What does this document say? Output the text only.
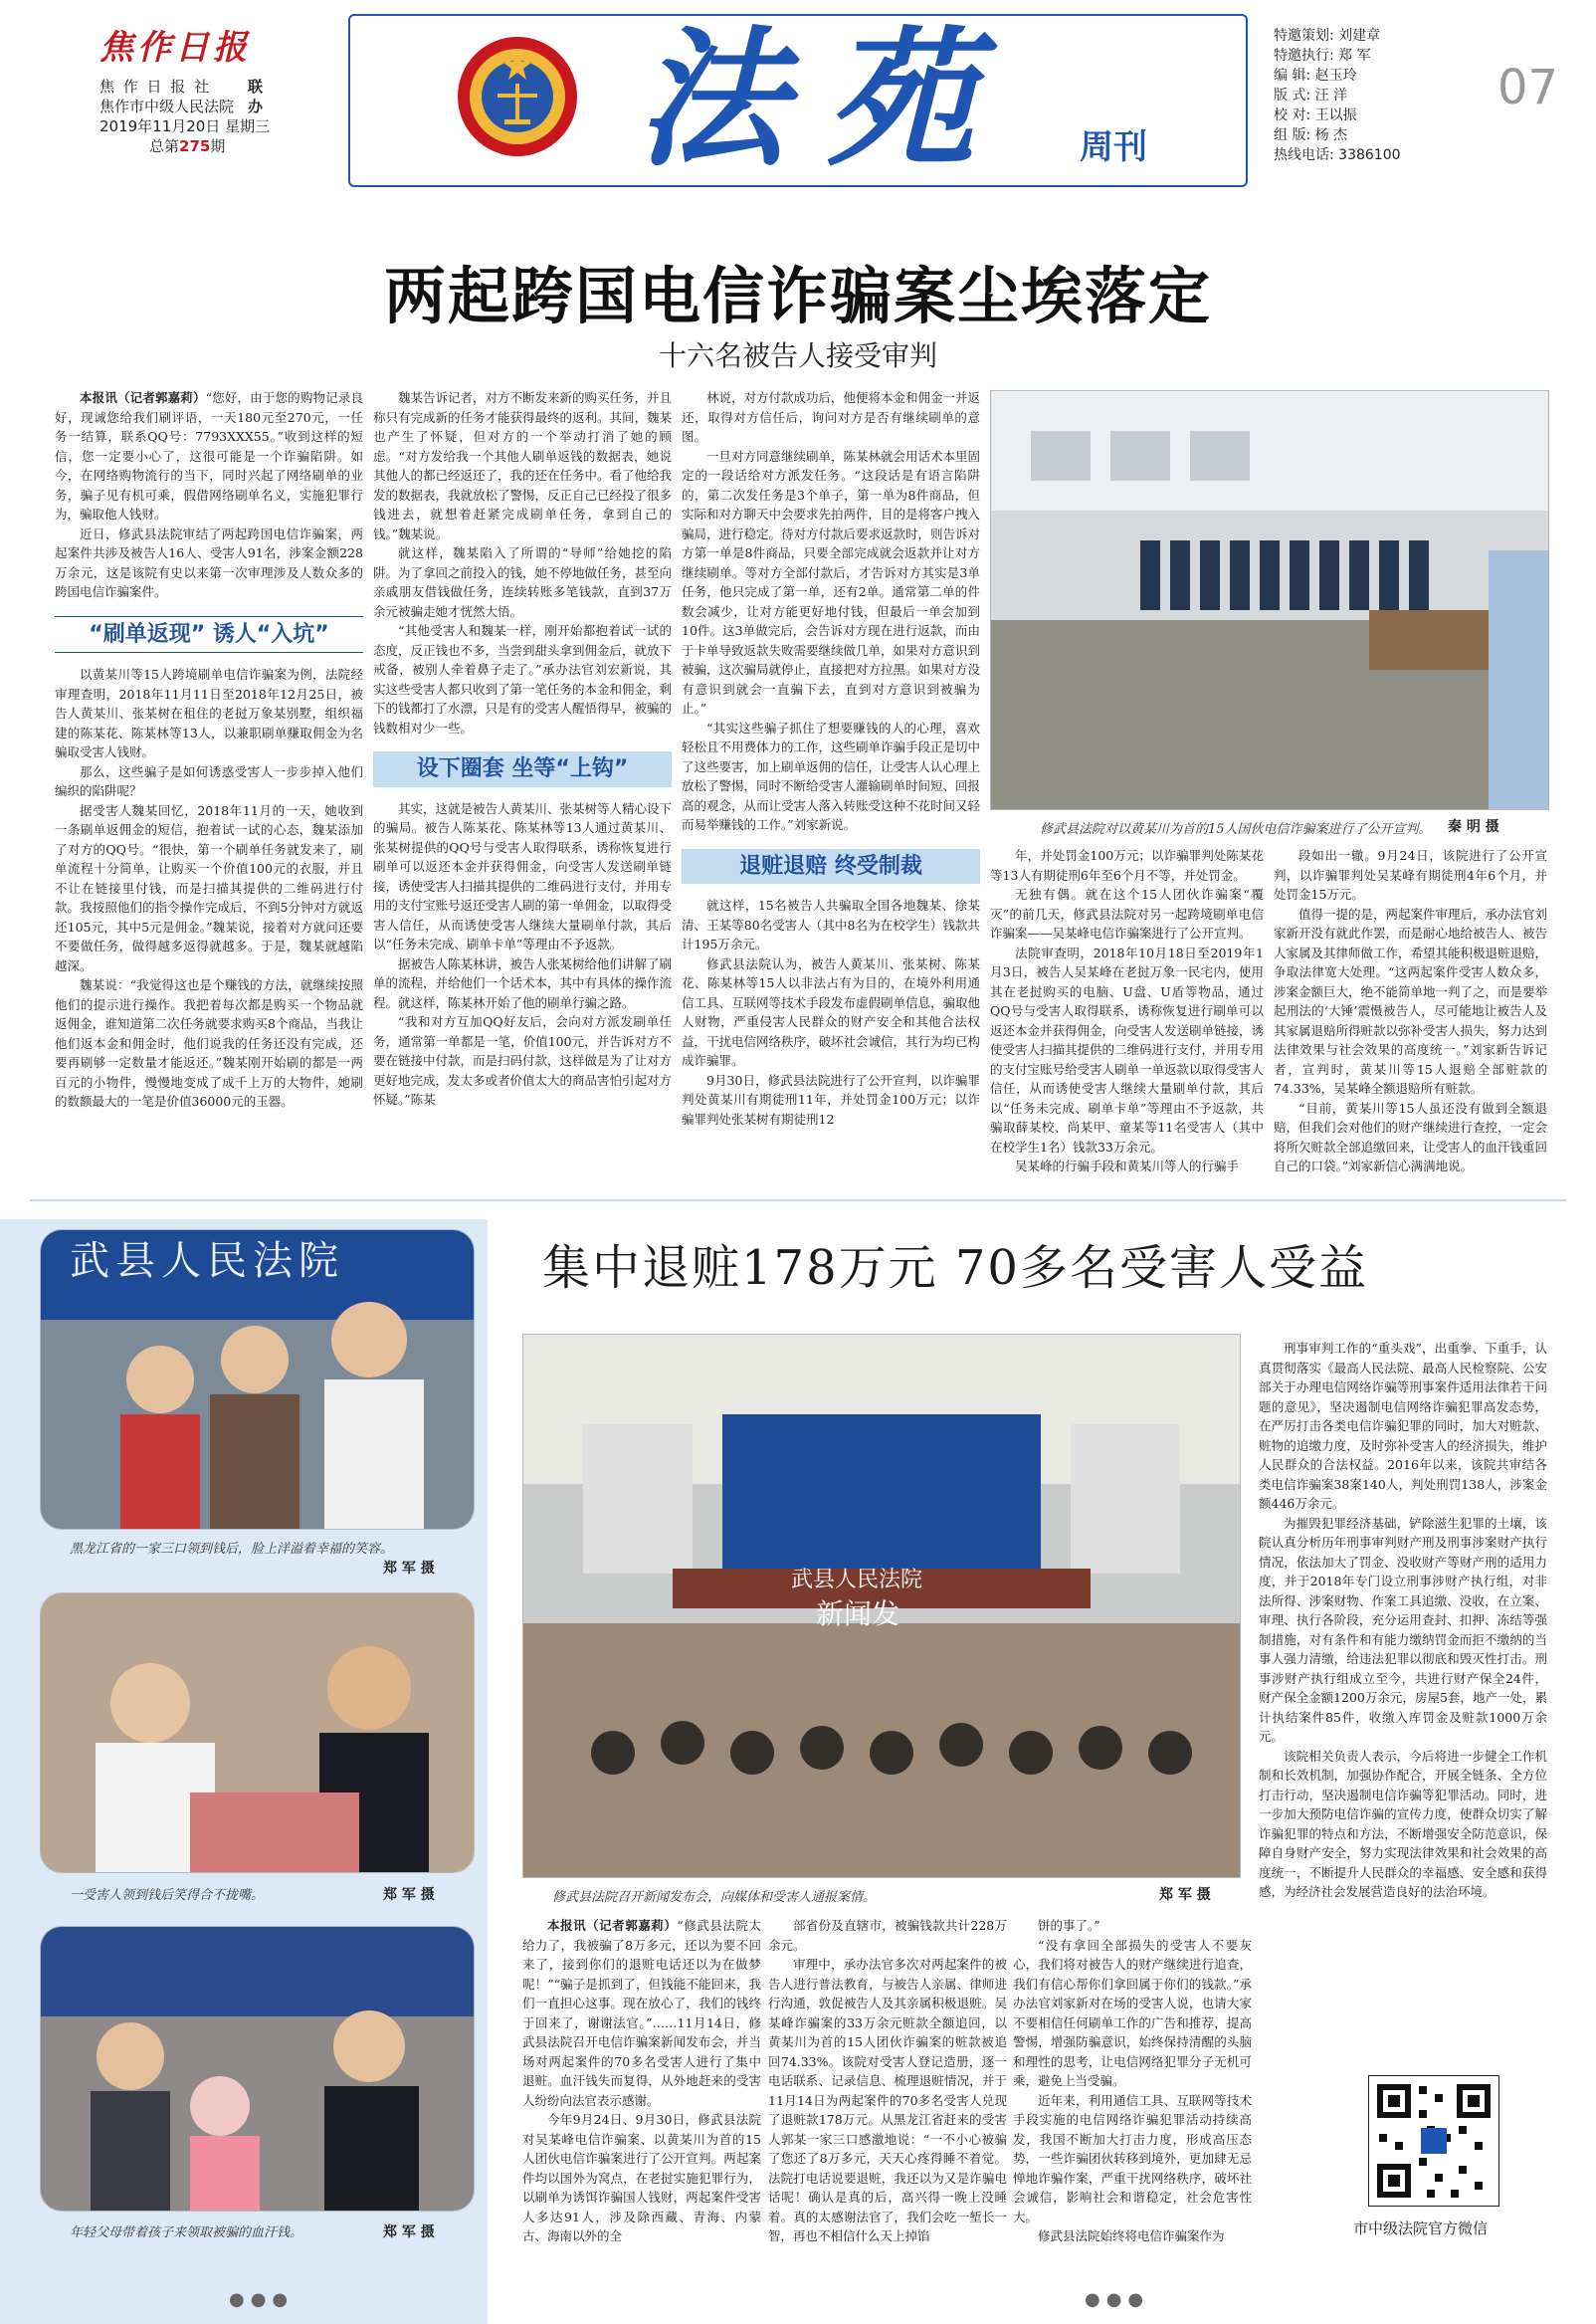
焦作日报
焦 作 日 报 社
焦作市中级人民法院
联
办
2019年11月20日 星期三
总第275期	法苑 周刊
特邀策划: 刘建章
特邀执行: 郑 军
编 辑: 赵玉玲
版 式: 汪 洋
校 对: 王以振
组 版: 杨 杰
热线电话: 3386100
07
两起跨国电信诈骗案尘埃落定
十六名被告人接受审判

本报讯（记者郭嘉莉）“您好，由于您的购物记录良好，现诚您给我们刷评语，一天180元至270元，一任务一结算，联系QQ号：7793XXX55。”收到这样的短信，您一定要小心了，这很可能是一个诈骗陷阱。如今，在网络购物流行的当下，同时兴起了网络刷单的业务，骗子见有机可乘，假借网络刷单名义，实施犯罪行为，骗取他人钱财。

近日，修武县法院审结了两起跨国电信诈骗案，两起案件共涉及被告人16人、受害人91名，涉案金额228万余元，这是该院有史以来第一次审理涉及人数众多的跨国电信诈骗案件。

“刷单返现” 诱人“入坑”

以黄某川等15人跨境刷单电信诈骗案为例，法院经审理查明，2018年11月11日至2018年12月25日，被告人黄某川、张某树在租住的老挝万象某别墅，组织福建的陈某花、陈某林等13人，以兼职刷单赚取佣金为名骗取受害人钱财。

那么，这些骗子是如何诱惑受害人一步步掉入他们编织的陷阱呢？

据受害人魏某回忆，2018年11月的一天，她收到一条刷单返佣金的短信，抱着试一试的心态，魏某添加了对方的QQ号。“很快，第一个刷单任务就发来了，刷单流程十分简单，让购买一个价值100元的衣服，并且不让在链接里付钱，而是扫描其提供的二维码进行付款。我按照他们的指令操作完成后，不到5分钟对方就返还105元，其中5元是佣金。”魏某说，接着对方就问还要不要做任务，做得越多返得就越多。于是，魏某就越陷越深。

魏某说：“我觉得这也是个赚钱的方法，就继续按照他们的提示进行操作。我把着每次都是购买一个物品就返佣金，谁知道第二次任务就要求购买8个商品，当我让他们返本金和佣金时，他们说我的任务还没有完成，还要再刷够一定数量才能返还。”魏某刚开始刷的都是一两百元的小物件，慢慢地变成了成千上万的大物件，她刷的数额最大的一笔是价值36000元的玉器。

魏某告诉记者，对方不断发来新的购买任务，并且称只有完成新的任务才能获得最终的返利。其间，魏某也产生了怀疑，但对方的一个举动打消了她的顾虑。“对方发给我一个其他人刷单返钱的数据表，她说其他人的都已经返还了，我的还在任务中。看了他给我发的数据表，我就放松了警惕，反正自己已经投了很多钱进去，就想着赶紧完成刷单任务，拿到自己的钱。”魏某说。

就这样，魏某陷入了所谓的“导师”给她挖的陷阱。为了拿回之前投入的钱，她不停地做任务，甚至向亲戚朋友借钱做任务，连续转账多笔钱款，直到37万余元被骗走她才恍然大悟。

“其他受害人和魏某一样，刚开始都抱着试一试的态度，反正钱也不多，当尝到甜头拿到佣金后，就放下戒备，被别人牵着鼻子走了。”承办法官刘宏新说，其实这些受害人都只收到了第一笔任务的本金和佣金，剩下的钱都打了水漂，只是有的受害人醒悟得早，被骗的钱数相对少一些。

设下圈套 坐等“上钩”

其实，这就是被告人黄某川、张某树等人精心设下的骗局。被告人陈某花、陈某林等13人通过黄某川、张某树提供的QQ号与受害人取得联系，诱称恢复进行刷单可以返还本金并获得佣金，向受害人发送刷单链接，诱使受害人扫描其提供的二维码进行支付，并用专用的支付宝账号返还受害人刷的第一单佣金，以取得受害人信任，从而诱使受害人继续大量刷单付款，其后以“任务未完成、刷单卡单”等理由不予返款。

据被告人陈某林讲，被告人张某树给他们讲解了刷单的流程，并给他们一个话术本，其中有具体的操作流程。就这样，陈某林开始了他的刷单行骗之路。

“我和对方互加QQ好友后，会向对方派发刷单任务，通常第一单都是一笔，价值100元，并告诉对方不要在链接中付款，而是扫码付款，这样做是为了让对方更好地完成，发太多或者价值太大的商品害怕引起对方怀疑。”陈某

林说，对方付款成功后，他便将本金和佣金一并返还，取得对方信任后，询问对方是否有继续刷单的意图。

一旦对方同意继续刷单，陈某林就会用话术本里固定的一段话给对方派发任务。“这段话是有语言陷阱的，第二次发任务是3个单子，第一单为8件商品，但实际和对方聊天中会要求先拍两件，目的是将客户拽入骗局，进行稳定。待对方付款后要求返款时，则告诉对方第一单是8件商品，只要全部完成就会返款并让对方继续刷单。等对方全部付款后，才告诉对方其实是3单任务，他只完成了第一单，还有2单。通常第二单的件数会减少，让对方能更好地付钱，但最后一单会加到10件。这3单做完后，会告诉对方现在进行返款，而由于卡单导致返款失败需要继续做几单，如果对方意识到被骗，这次骗局就停止，直接把对方拉黑。如果对方没有意识到就会一直骗下去，直到对方意识到被骗为止。”

“其实这些骗子抓住了想要赚钱的人的心理，喜欢轻松且不用费体力的工作，这些刷单诈骗手段正是切中了这些要害，加上刷单返佣的信任，让受害人认心理上放松了警惕，同时不断给受害人灌输刷单时间短、回报高的观念，从而让受害人落入转账受这种不花时间又轻而易举赚钱的工作。”刘家新说。

退赃退赔 终受制裁

就这样，15名被告人共骗取全国各地魏某、徐某清、王某等80名受害人（其中8名为在校学生）钱款共计195万余元。

修武县法院认为，被告人黄某川、张某树、陈某花、陈某林等15人以非法占有为目的，在境外利用通信工具、互联网等技术手段发布虚假刷单信息，骗取他人财物，严重侵害人民群众的财产安全和其他合法权益，干扰电信网络秩序，破坏社会诚信，其行为均已构成诈骗罪。

9月30日，修武县法院进行了公开宣判，以诈骗罪判处黄某川有期徒刑11年，并处罚金100万元；以诈骗罪判处张某树有期徒刑12

修武县法院对以黄某川为首的15人国伙电信诈骗案进行了公开宣判。 秦 明 摄

年，并处罚金100万元；以诈骗罪判处陈某花等13人有期徒刑6年至6个月不等，并处罚金。

无独有偶。就在这个15人团伙诈骗案“覆灭”的前几天，修武县法院对另一起跨境刷单电信诈骗案——吴某峰电信诈骗案进行了公开宣判。

法院审查明，2018年10月18日至2019年1月3日，被告人吴某峰在老挝万象一民宅内，使用其在老挝购买的电脑、U盘、U盾等物品，通过QQ号与受害人取得联系，诱称恢复进行刷单可以返还本金并获得佣金，向受害人发送刷单链接，诱使受害人扫描其提供的二维码进行支付，并用专用的支付宝账号给受害人刷单一单返款以取得受害人信任，从而诱使受害人继续大量刷单付款，其后以“任务未完成、刷单卡单”等理由不予返款，共骗取薛某校、尚某甲、童某等11名受害人（其中在校学生1名）钱款33万余元。

吴某峰的行骗手段和黄某川等人的行骗手

段如出一辙。9月24日，该院进行了公开宣判，以诈骗罪判处吴某峰有期徒刑4年6个月，并处罚金15万元。

值得一提的是，两起案件审理后，承办法官刘家新开没有就此作罢，而是耐心地给被告人、被告人家属及其律师做工作，希望其能积极退赃退赔，争取法律宽大处理。“这两起案件受害人数众多，涉案金额巨大，绝不能简单地一判了之，而是要举起刑法的‘大锤’震慑被告人，尽可能地让被告人及其家属退赔所得赃款以弥补受害人损失，努力达到法律效果与社会效果的高度统一。”刘家新告诉记者，宣判时，黄某川等15人退赔全部赃款的74.33%，吴某峰全额退赔所有赃款。

“目前，黄某川等15人虽还没有做到全额退赔，但我们会对他们的财产继续进行查控，一定会将所欠赃款全部追缴回来，让受害人的血汗钱重回自己的口袋。”刘家新信心满满地说。

武县人民法院
黑龙江省的一家三口领到钱后，脸上洋溢着幸福的笑容。
郑 军 摄
一受害人领到钱后笑得合不拢嘴。	郑 军 摄
年轻父母带着孩子来领取被骗的血汗钱。	郑 军 摄
●●●
集中退赃178万元 70多名受害人受益
武县人民法院
新闻发
修武县法院召开新闻发布会，向媒体和受害人通报案情。	郑 军 摄

本报讯（记者郭嘉莉）“修武县法院太给力了，我被骗了8万多元，还以为要不回来了，接到你们的退赃电话还以为在做梦呢！”“骗子是抓到了，但钱能不能回来，我们一直担心这事。现在放心了，我们的钱终于回来了，谢谢法官。”……11月14日，修武县法院召开电信诈骗案新闻发布会，并当场对两起案件的70多名受害人进行了集中退赃。血汗钱失而复得，从外地赶来的受害人纷纷向法官表示感谢。

今年9月24日、9月30日，修武县法院对吴某峰电信诈骗案、以黄某川为首的15人团伙电信诈骗案进行了公开宣判。两起案件均以国外为窝点，在老挝实施犯罪行为，以刷单为诱饵诈骗国人钱财，两起案件受害人多达91人，涉及除西藏、青海、内蒙古、海南以外的全

部省份及直辖市，被骗钱款共计228万余元。

审理中，承办法官多次对两起案件的被告人进行普法教育，与被告人亲属、律师进行沟通，敦促被告人及其亲属积极退赃。吴某峰诈骗案的33万余元赃款全额追回，以黄某川为首的15人团伙诈骗案的赃款被追回74.33%。该院对受害人登记造册，逐一电话联系、记录信息、梳理退赃情况，并于11月14日为两起案件的70多名受害人兑现了退赃款178万元。从黑龙江省赶来的受害人郭某一家三口感激地说：“一不小心被骗了您还了8万多元，天天心疼得睡不着觉。法院打电话说要退赃，我还以为又是诈骗电话呢！确认是真的后，高兴得一晚上没睡着。真的太感谢法官了，我们会吃一堑长一智，再也不相信什么天上掉馅

饼的事了。”

“没有拿回全部损失的受害人不要灰心，我们将对被告人的财产继续进行追查，我们有信心帮你们拿回属于你们的钱款。”承办法官刘家新对在场的受害人说，也请大家不要相信任何刷单工作的广告和推荐，提高警惕，增强防骗意识，始终保持清醒的头脑和理性的思考，让电信网络犯罪分子无机可乘，避免上当受骗。

近年来，利用通信工具、互联网等技术手段实施的电信网络诈骗犯罪活动持续高发，我国不断加大打击力度，形成高压态势，一些诈骗团伙转移到境外，更加肆无忌惮地诈骗作案，严重干扰网络秩序，破坏社会诚信，影响社会和谐稳定，社会危害性大。

修武县法院始终将电信诈骗案作为

刑事审判工作的“重头戏”，出重拳、下重手，认真贯彻落实《最高人民法院、最高人民检察院、公安部关于办理电信网络诈骗等刑事案件适用法律若干问题的意见》，坚决遏制电信网络诈骗犯罪高发态势，在严厉打击各类电信诈骗犯罪的同时，加大对赃款、赃物的追缴力度，及时弥补受害人的经济损失，维护人民群众的合法权益。2016年以来，该院共审结各类电信诈骗案38案140人，判处刑罚138人，涉案金额446万余元。

为摧毁犯罪经济基础，铲除滋生犯罪的土壤，该院认真分析历年刑事审判财产刑及刑事涉案财产执行情况，依法加大了罚金、没收财产等财产刑的适用力度，并于2018年专门设立刑事涉财产执行组，对非法所得、涉案财物、作案工具追缴、没收，在立案、审理、执行各阶段，充分运用查封、扣押、冻结等强制措施，对有条件和有能力缴纳罚金而拒不缴纳的当事人强力清缴，给违法犯罪以彻底和毁灭性打击。刑事涉财产执行组成立至今，共进行财产保全24件，财产保全金额1200万余元，房屋5套，地产一处，累计执结案件85件，收缴入库罚金及赃款1000万余元。

该院相关负责人表示，今后将进一步健全工作机制和长效机制，加强协作配合，开展全链条、全方位打击行动，坚决遏制电信诈骗等犯罪活动。同时，进一步加大预防电信诈骗的宣传力度，使群众切实了解诈骗犯罪的特点和方法，不断增强安全防范意识，保障自身财产安全，努力实现法律效果和社会效果的高度统一，不断提升人民群众的幸福感、安全感和获得感，为经济社会发展营造良好的法治环境。

市中级法院官方微信
●●●
